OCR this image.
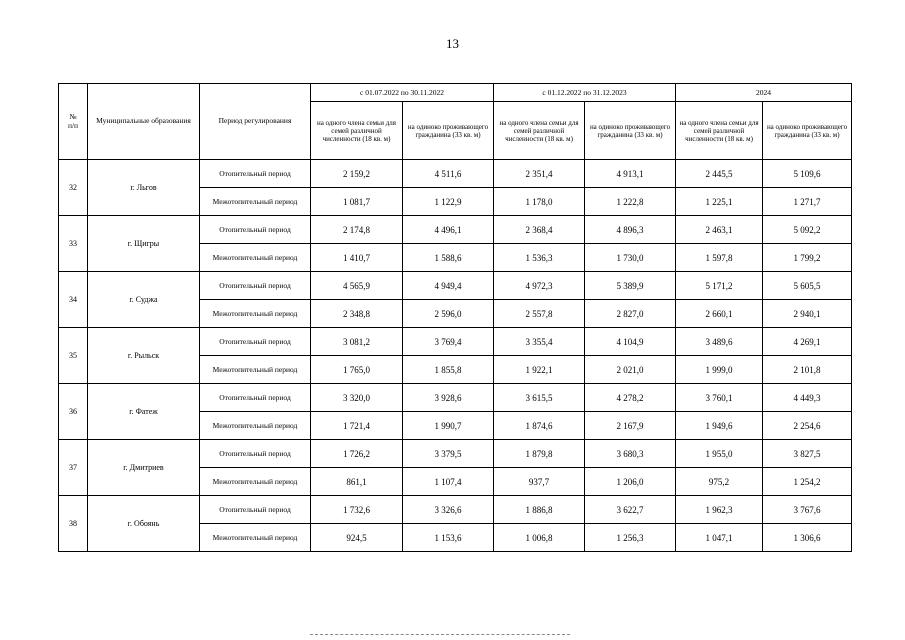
13
№
п/п	Муниципальные образования	Период регулирования	с 01.07.2022 по 30.11.2022		с 01.12.2022 по 31.12.2023		2024	
			на одного члена семьи для семей различной численности (18 кв. м)	на одиноко проживающего гражданина (33 кв. м)	на одного члена семьи для семей различной численности (18 кв. м)	на одиноко проживающего гражданина (33 кв. м)	на одного члена семьи для семей различной численности (18 кв. м)	на одиноко проживающего гражданина (33 кв. м)
32	г. Льгов	Отопительный период	2 159,2	4 511,6	2 351,4	4 913,1	2 445,5	5 109,6
		Межотопительный период	1 081,7	1 122,9	1 178,0	1 222,8	1 225,1	1 271,7
33	г. Щигры	Отопительный период	2 174,8	4 496,1	2 368,4	4 896,3	2 463,1	5 092,2
		Межотопительный период	1 410,7	1 588,6	1 536,3	1 730,0	1 597,8	1 799,2
34	г. Суджа	Отопительный период	4 565,9	4 949,4	4 972,3	5 389,9	5 171,2	5 605,5
		Межотопительный период	2 348,8	2 596,0	2 557,8	2 827,0	2 660,1	2 940,1
35	г. Рыльск	Отопительный период	3 081,2	3 769,4	3 355,4	4 104,9	3 489,6	4 269,1
		Межотопительный период	1 765,0	1 855,8	1 922,1	2 021,0	1 999,0	2 101,8
36	г. Фатеж	Отопительный период	3 320,0	3 928,6	3 615,5	4 278,2	3 760,1	4 449,3
		Межотопительный период	1 721,4	1 990,7	1 874,6	2 167,9	1 949,6	2 254,6
37	г. Дмитриев	Отопительный период	1 726,2	3 379,5	1 879,8	3 680,3	1 955,0	3 827,5
		Межотопительный период	861,1	1 107,4	937,7	1 206,0	975,2	1 254,2
38	г. Обоянь	Отопительный период	1 732,6	3 326,6	1 886,8	3 622,7	1 962,3	3 767,6
		Межотопительный период	924,5	1 153,6	1 006,8	1 256,3	1 047,1	1 306,6
